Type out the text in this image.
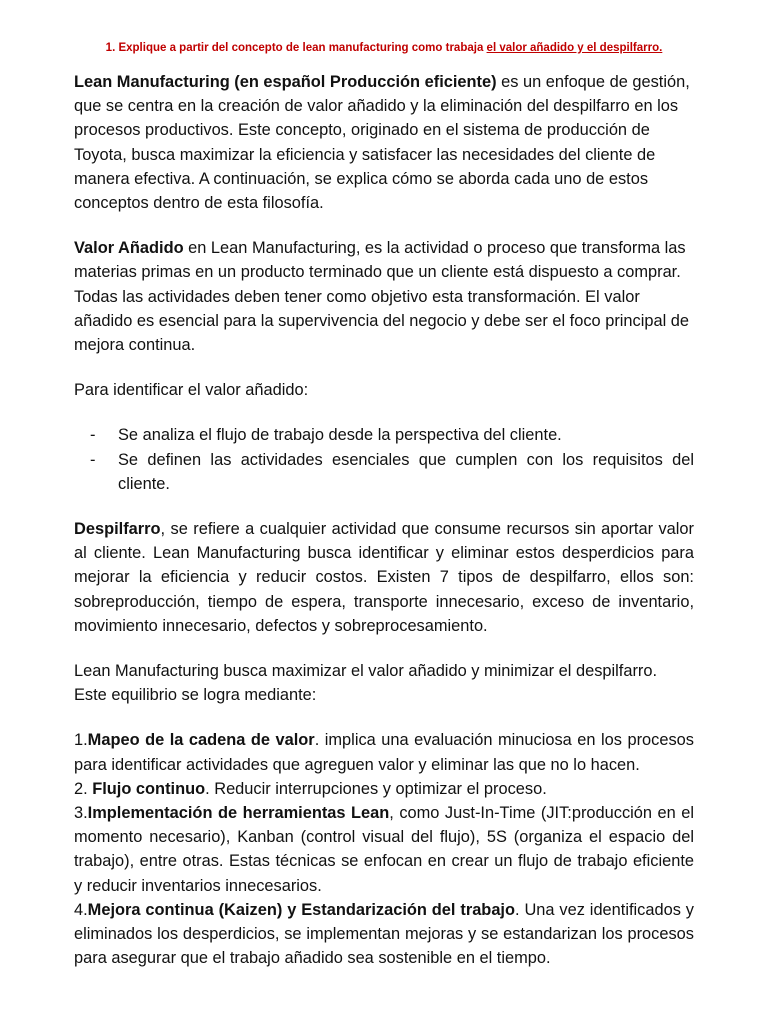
1. Explique a partir del concepto de lean manufacturing como trabaja el valor añadido y el despilfarro.

Lean Manufacturing (en español Producción eficiente) es un enfoque de gestión, que se centra en la creación de valor añadido y la eliminación del despilfarro en los procesos productivos. Este concepto, originado en el sistema de producción de Toyota, busca maximizar la eficiencia y satisfacer las necesidades del cliente de manera efectiva. A continuación, se explica cómo se aborda cada uno de estos conceptos dentro de esta filosofía.

Valor Añadido en Lean Manufacturing, es la actividad o proceso que transforma las materias primas en un producto terminado que un cliente está dispuesto a comprar. Todas las actividades deben tener como objetivo esta transformación. El valor añadido es esencial para la supervivencia del negocio y debe ser el foco principal de mejora continua.

Para identificar el valor añadido:

- Se analiza el flujo de trabajo desde la perspectiva del cliente.
- Se definen las actividades esenciales que cumplen con los requisitos del cliente.

Despilfarro, se refiere a cualquier actividad que consume recursos sin aportar valor al cliente. Lean Manufacturing busca identificar y eliminar estos desperdicios para mejorar la eficiencia y reducir costos. Existen 7 tipos de despilfarro, ellos son: sobreproducción, tiempo de espera, transporte innecesario, exceso de inventario, movimiento innecesario, defectos y sobreprocesamiento.

Lean Manufacturing busca maximizar el valor añadido y minimizar el despilfarro. Este equilibrio se logra mediante:

1.Mapeo de la cadena de valor. implica una evaluación minuciosa en los procesos para identificar actividades que agreguen valor y eliminar las que no lo hacen.
2. Flujo continuo. Reducir interrupciones y optimizar el proceso.
3.Implementación de herramientas Lean, como Just-In-Time (JIT:producción en el momento necesario), Kanban (control visual del flujo), 5S (organiza el espacio del trabajo), entre otras. Estas técnicas se enfocan en crear un flujo de trabajo eficiente y reducir inventarios innecesarios.
4.Mejora continua (Kaizen) y Estandarización del trabajo. Una vez identificados y eliminados los desperdicios, se implementan mejoras y se estandarizan los procesos para asegurar que el trabajo añadido sea sostenible en el tiempo.
